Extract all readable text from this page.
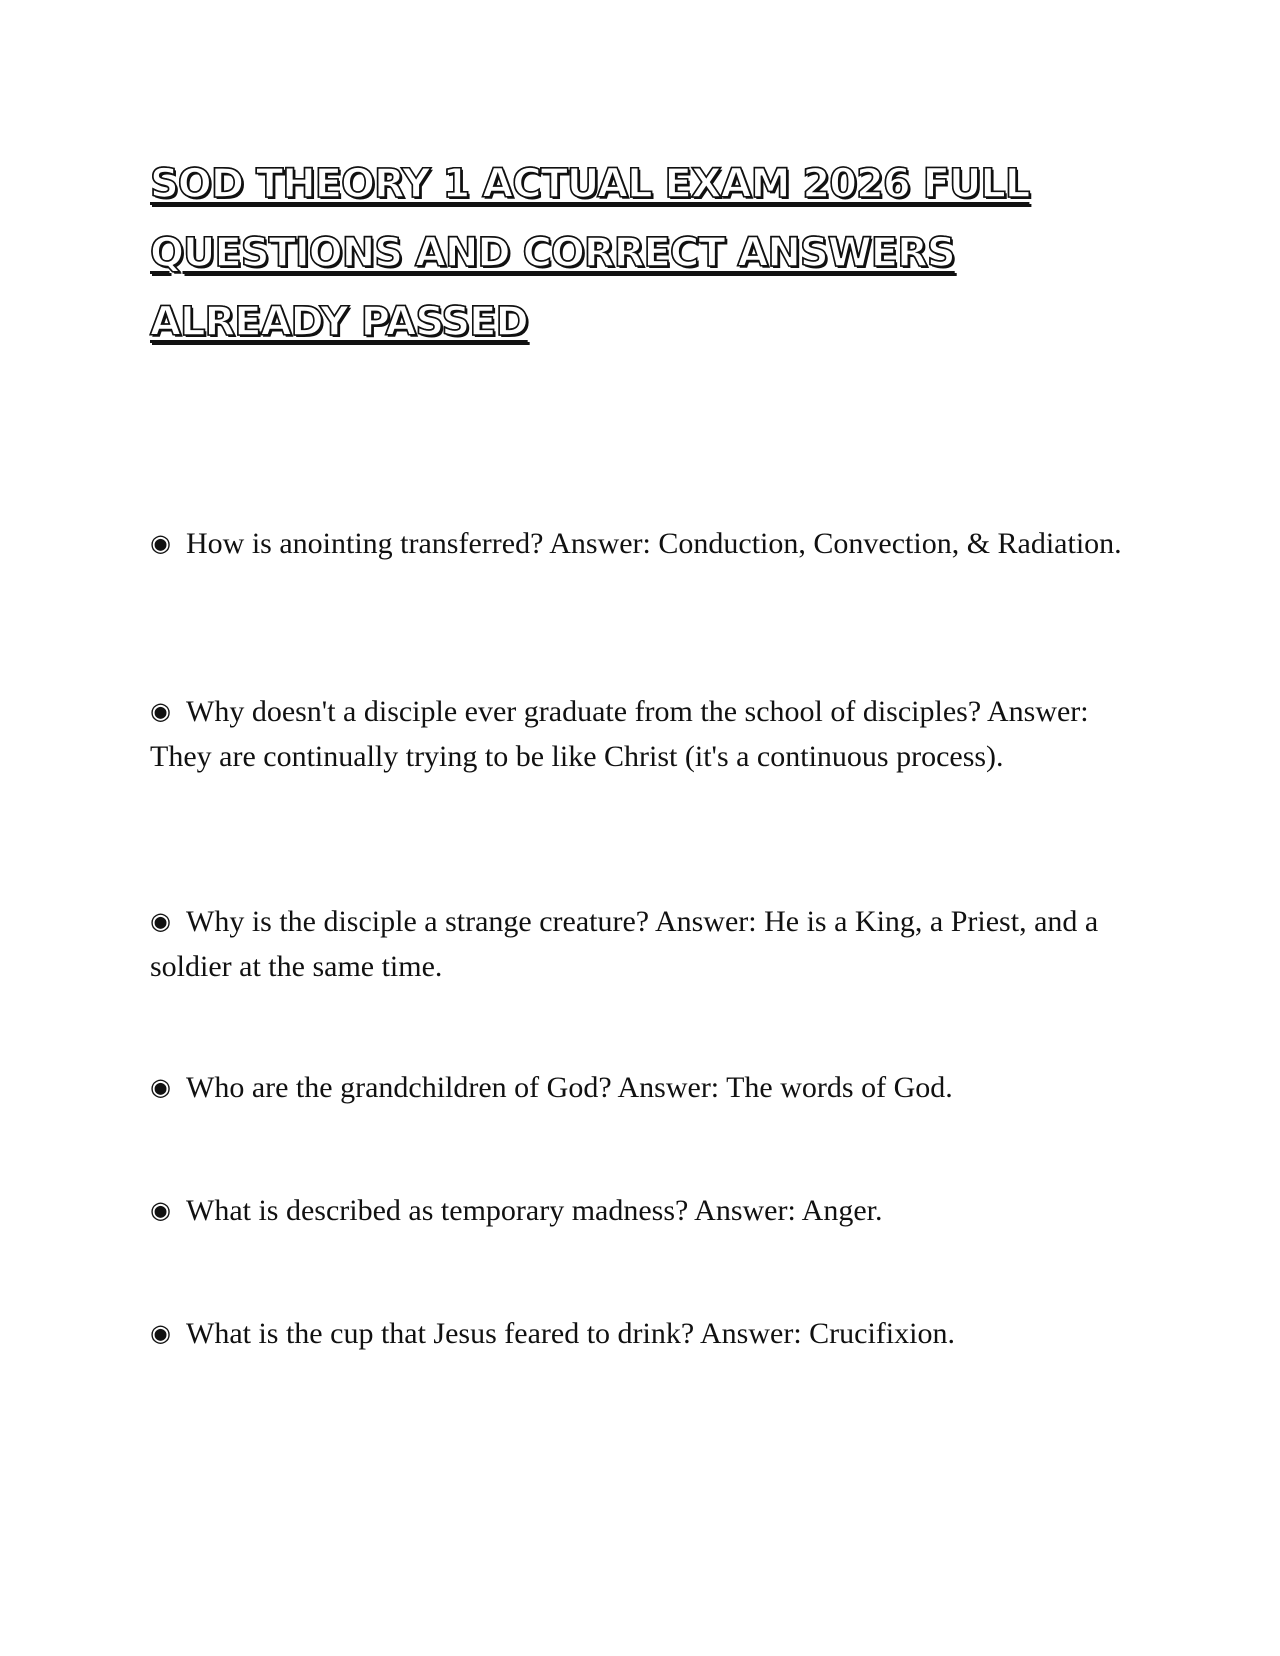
SOD THEORY 1 ACTUAL EXAM 2026 FULL
QUESTIONS AND CORRECT ANSWERS
ALREADY PASSED

◉ How is anointing transferred? Answer: Conduction, Convection, & Radiation.

◉ Why doesn't a disciple ever graduate from the school of disciples? Answer: They are continually trying to be like Christ (it's a continuous process).

◉ Why is the disciple a strange creature? Answer: He is a King, a Priest, and a soldier at the same time.

◉ Who are the grandchildren of God? Answer: The words of God.

◉ What is described as temporary madness? Answer: Anger.

◉ What is the cup that Jesus feared to drink? Answer: Crucifixion.
